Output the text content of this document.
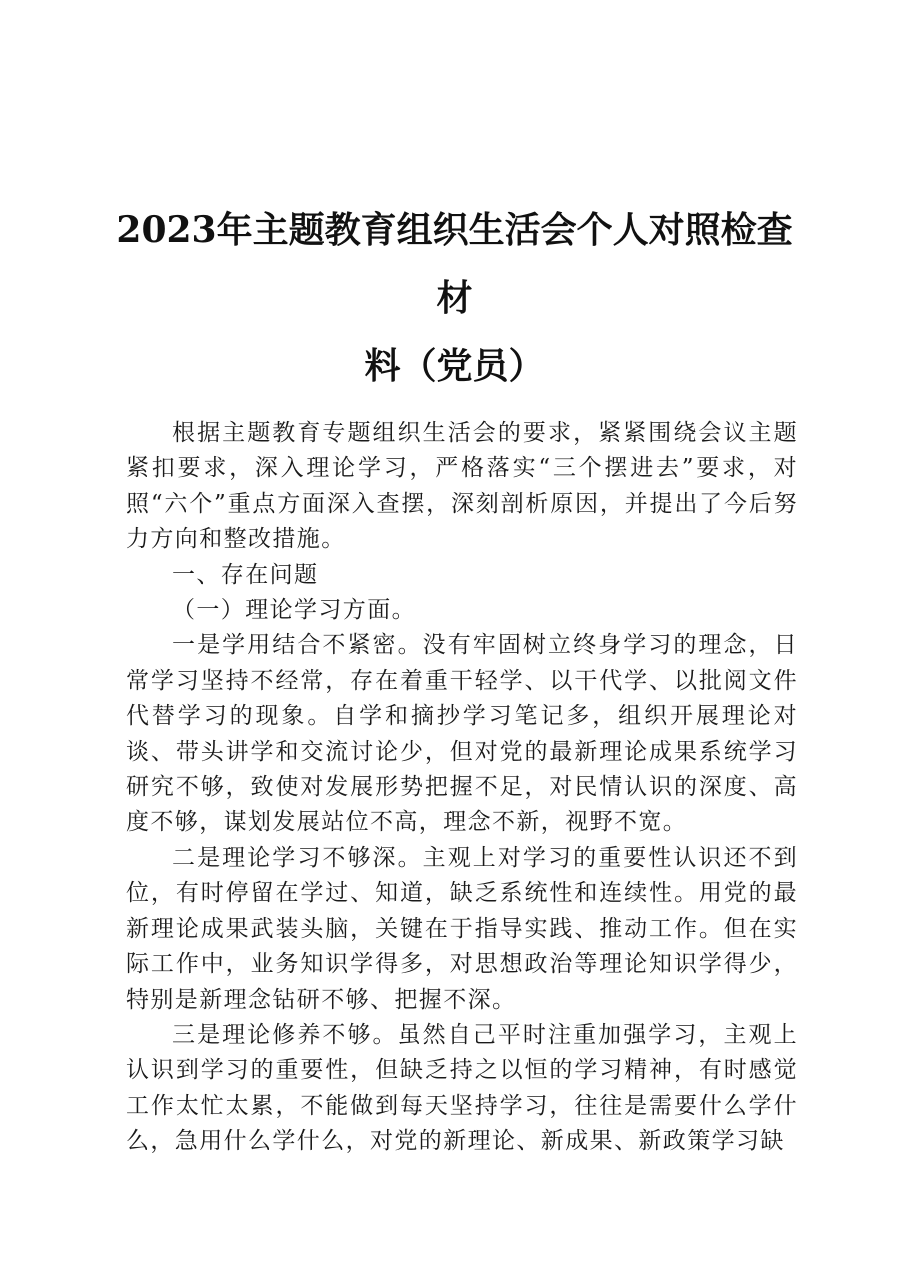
2023年主题教育组织生活会个人对照检查材
料（党员）

根据主题教育专题组织生活会的要求，紧紧围绕会议主题紧扣要求，深入理论学习，严格落实“三个摆进去”要求，对照“六个”重点方面深入查摆，深刻剖析原因，并提出了今后努力方向和整改措施。

一、存在问题

（一）理论学习方面。

一是学用结合不紧密。没有牢固树立终身学习的理念，日常学习坚持不经常，存在着重干轻学、以干代学、以批阅文件代替学习的现象。自学和摘抄学习笔记多，组织开展理论对谈、带头讲学和交流讨论少，但对党的最新理论成果系统学习研究不够，致使对发展形势把握不足，对民情认识的深度、高度不够，谋划发展站位不高，理念不新，视野不宽。

二是理论学习不够深。主观上对学习的重要性认识还不到位，有时停留在学过、知道，缺乏系统性和连续性。用党的最新理论成果武装头脑，关键在于指导实践、推动工作。但在实际工作中，业务知识学得多，对思想政治等理论知识学得少，特别是新理念钻研不够、把握不深。

三是理论修养不够。虽然自己平时注重加强学习，主观上认识到学习的重要性，但缺乏持之以恒的学习精神，有时感觉工作太忙太累，不能做到每天坚持学习，往往是需要什么学什么，急用什么学什么，对党的新理论、新成果、新政策学习缺
